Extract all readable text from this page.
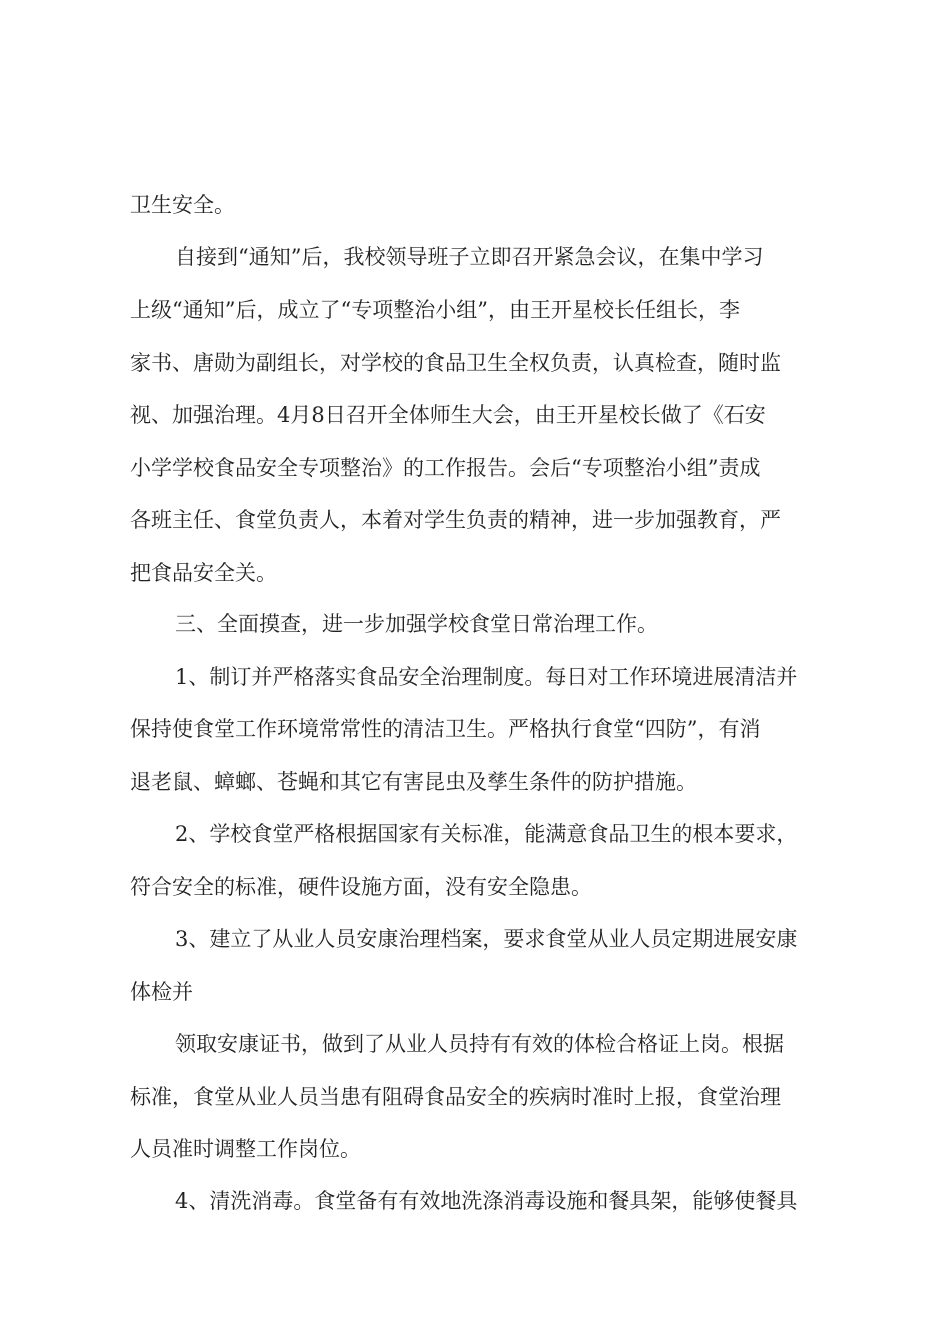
卫生安全。
自接到“通知”后，我校领导班子立即召开紧急会议，在集中学习
上级“通知”后，成立了“专项整治小组”，由王开星校长任组长，李
家书、唐勋为副组长，对学校的食品卫生全权负责，认真检查，随时监
视、加强治理。4月8日召开全体师生大会，由王开星校长做了《石安
小学学校食品安全专项整治》的工作报告。会后“专项整治小组”责成
各班主任、食堂负责人，本着对学生负责的精神，进一步加强教育，严
把食品安全关。
三、全面摸查，进一步加强学校食堂日常治理工作。
1、制订并严格落实食品安全治理制度。每日对工作环境进展清洁并
保持使食堂工作环境常常性的清洁卫生。严格执行食堂“四防”，有消
退老鼠、蟑螂、苍蝇和其它有害昆虫及孳生条件的防护措施。
2、学校食堂严格根据国家有关标准，能满意食品卫生的根本要求，
符合安全的标准，硬件设施方面，没有安全隐患。
3、建立了从业人员安康治理档案，要求食堂从业人员定期进展安康
体检并
领取安康证书，做到了从业人员持有有效的体检合格证上岗。根据
标准，食堂从业人员当患有阻碍食品安全的疾病时准时上报，食堂治理
人员准时调整工作岗位。
4、清洗消毒。食堂备有有效地洗涤消毒设施和餐具架，能够使餐具
